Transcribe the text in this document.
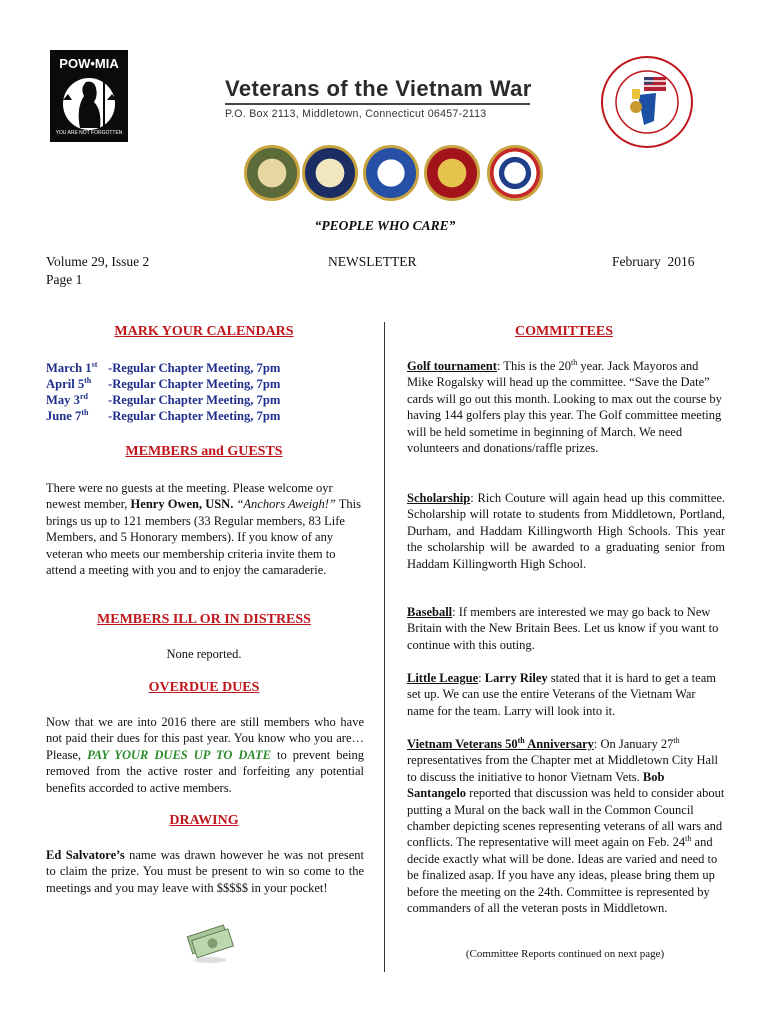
POW•MIA
YOU ARE NOT FORGOTTEN
Veterans of the Vietnam War
P.O. Box 2113, Middletown, Connecticut 06457-2113
“PEOPLE WHO CARE”
Volume 29, Issue 2
Page 1
NEWSLETTER	February  2016
MARK YOUR CALENDARS
March 1st -Regular Chapter Meeting, 7pm
April 5th -Regular Chapter Meeting, 7pm
May 3rd -Regular Chapter Meeting, 7pm
June 7th -Regular Chapter Meeting, 7pm
MEMBERS and GUESTS
There were no guests at the meeting. Please welcome oyr newest member, Henry Owen, USN. “Anchors Aweigh!” This brings us up to 121 members (33 Regular members, 83 Life Members, and 5 Honorary members). If you know of any veteran who meets our membership criteria invite them to attend a meeting with you and to enjoy the camaraderie.
MEMBERS ILL OR IN DISTRESS
None reported.
OVERDUE DUES
Now that we are into 2016 there are still members who have not paid their dues for this past year. You know who you are…Please, PAY YOUR DUES UP TO DATE to prevent being removed from the active roster and forfeiting any potential benefits accorded to active members.
DRAWING
Ed Salvatore’s name was drawn however he was not present to claim the prize. You must be present to win so come to the meetings and you may leave with $$$$$ in your pocket!
COMMITTEES
Golf tournament: This is the 20th year. Jack Mayoros and Mike Rogalsky will head up the committee. “Save the Date” cards will go out this month. Looking to max out the course by having 144 golfers play this year. The Golf committee meeting will be held sometime in beginning of March. We need volunteers and donations/raffle prizes.
Scholarship: Rich Couture will again head up this committee. Scholarship will rotate to students from Middletown, Portland, Durham, and Haddam Killingworth High Schools. This year the scholarship will be awarded to a graduating senior from Haddam Killingworth High School.
Baseball: If members are interested we may go back to New Britain with the New Britain Bees. Let us know if you want to continue with this outing.
Little League: Larry Riley stated that it is hard to get a team set up. We can use the entire Veterans of the Vietnam War name for the team. Larry will look into it.
Vietnam Veterans 50th Anniversary: On January 27th representatives from the Chapter met at Middletown City Hall to discuss the initiative to honor Vietnam Vets. Bob Santangelo reported that discussion was held to consider about putting a Mural on the back wall in the Common Council chamber depicting scenes representing veterans of all wars and conflicts. The representative will meet again on Feb. 24th and decide exactly what will be done. Ideas are varied and need to be finalized asap. If you have any ideas, please bring them up before the meeting on the 24th. Committee is represented by commanders of all the veteran posts in Middletown.
(Committee Reports continued on next page)
